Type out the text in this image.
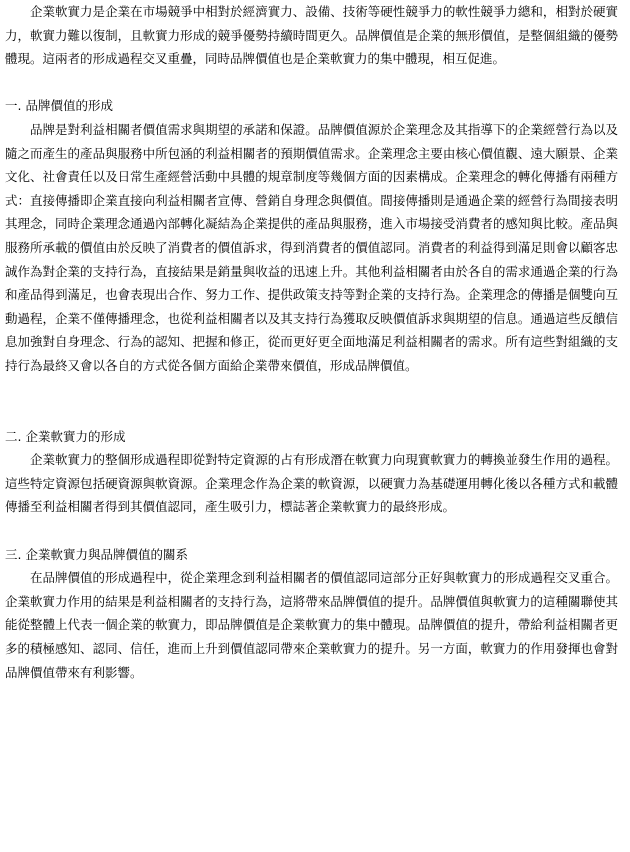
企業軟實力是企業在市場競爭中相對於經濟實力、設備、技術等硬性競爭力的軟性競爭力總和，相對於硬實力，軟實力難以復制，且軟實力形成的競爭優勢持續時間更久。品牌價值是企業的無形價值，是整個組織的優勢體現。這兩者的形成過程交叉重疊，同時品牌價值也是企業軟實力的集中體現，相互促進。

一. 品牌價值的形成

品牌是對利益相關者價值需求與期望的承諾和保證。品牌價值源於企業理念及其指導下的企業經營行為以及隨之而產生的產品與服務中所包涵的利益相關者的預期價值需求。企業理念主要由核心價值觀、遠大願景、企業文化、社會責任以及日常生產經營活動中具體的規章制度等幾個方面的因素構成。企業理念的轉化傳播有兩種方式：直接傳播即企業直接向利益相關者宣傳、營銷自身理念與價值。間接傳播則是通過企業的經營行為間接表明其理念，同時企業理念通過內部轉化凝結為企業提供的產品與服務，進入市場接受消費者的感知與比較。產品與服務所承載的價值由於反映了消費者的價值訴求，得到消費者的價值認同。消費者的利益得到滿足則會以顧客忠誠作為對企業的支持行為，直接結果是銷量與收益的迅速上升。其他利益相關者由於各自的需求通過企業的行為和產品得到滿足，也會表現出合作、努力工作、提供政策支持等對企業的支持行為。企業理念的傳播是個雙向互動過程，企業不僅傳播理念，也從利益相關者以及其支持行為獲取反映價值訴求與期望的信息。通過這些反饋信息加強對自身理念、行為的認知、把握和修正，從而更好更全面地滿足利益相關者的需求。所有這些對組織的支持行為最終又會以各自的方式從各個方面給企業帶來價值，形成品牌價值。

二. 企業軟實力的形成

企業軟實力的整個形成過程即從對特定資源的占有形成潛在軟實力向現實軟實力的轉換並發生作用的過程。這些特定資源包括硬資源與軟資源。企業理念作為企業的軟資源，以硬實力為基礎運用轉化後以各種方式和載體傳播至利益相關者得到其價值認同，產生吸引力，標誌著企業軟實力的最終形成。

三. 企業軟實力與品牌價值的關系

在品牌價值的形成過程中，從企業理念到利益相關者的價值認同這部分正好與軟實力的形成過程交叉重合。企業軟實力作用的結果是利益相關者的支持行為，這將帶來品牌價值的提升。品牌價值與軟實力的這種關聯使其能從整體上代表一個企業的軟實力，即品牌價值是企業軟實力的集中體現。品牌價值的提升，帶給利益相關者更多的積極感知、認同、信任，進而上升到價值認同帶來企業軟實力的提升。另一方面，軟實力的作用發揮也會對品牌價值帶來有利影響。
